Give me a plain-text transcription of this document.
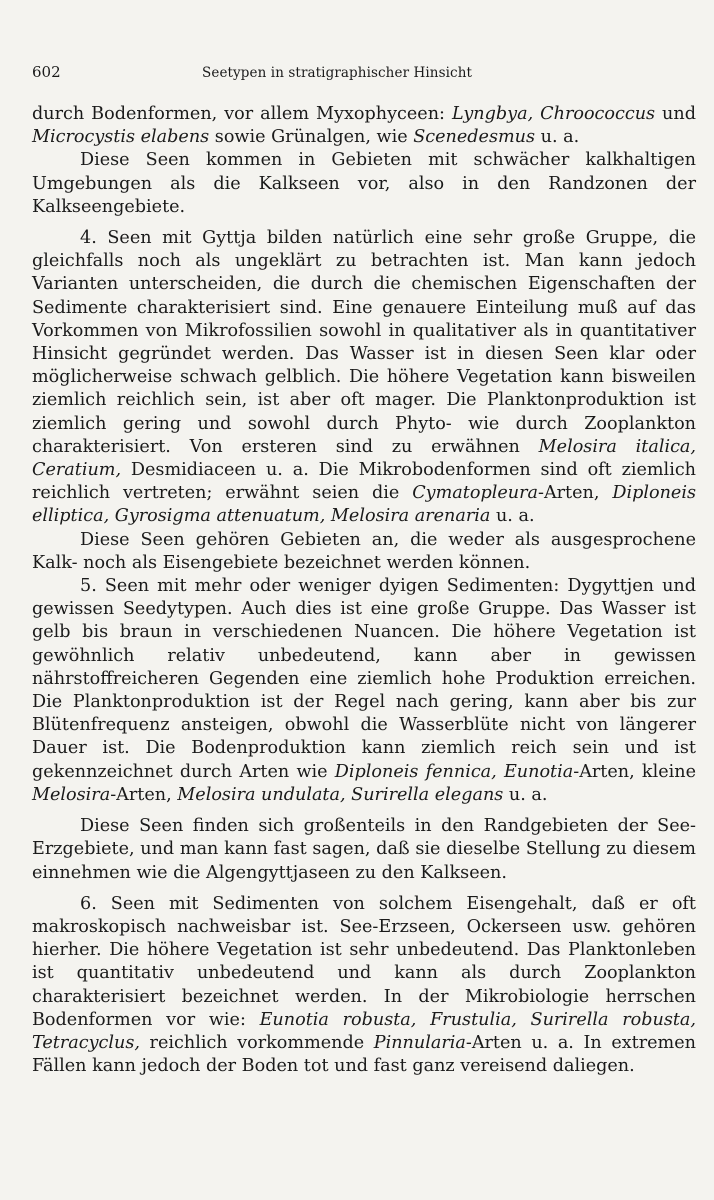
602	Seetypen in stratigraphischer Hinsicht

durch Bodenformen, vor allem Myxophyceen: Lyngbya, Chroococcus und Microcystis elabens sowie Grünalgen, wie Scenedesmus u. a.

Diese Seen kommen in Gebieten mit schwächer kalkhaltigen Umgebungen als die Kalkseen vor, also in den Randzonen der Kalkseengebiete.

4. Seen mit Gyttja bilden natürlich eine sehr große Gruppe, die gleichfalls noch als ungeklärt zu betrachten ist. Man kann jedoch Varianten unterscheiden, die durch die chemischen Eigenschaften der Sedimente charakterisiert sind. Eine genauere Einteilung muß auf das Vorkommen von Mikrofossilien sowohl in qualitativer als in quantitativer Hinsicht gegründet werden. Das Wasser ist in diesen Seen klar oder möglicherweise schwach gelblich. Die höhere Vegetation kann bisweilen ziemlich reichlich sein, ist aber oft mager. Die Planktonproduktion ist ziemlich gering und sowohl durch Phyto- wie durch Zooplankton charakterisiert. Von ersteren sind zu erwähnen Melosira italica, Ceratium, Desmidiaceen u. a. Die Mikrobodenformen sind oft ziemlich reichlich vertreten; erwähnt seien die Cymatopleura-Arten, Diploneis elliptica, Gyrosigma attenuatum, Melosira arenaria u. a.

Diese Seen gehören Gebieten an, die weder als ausgesprochene Kalk- noch als Eisengebiete bezeichnet werden können.

5. Seen mit mehr oder weniger dyigen Sedimenten: Dygyttjen und gewissen Seedytypen. Auch dies ist eine große Gruppe. Das Wasser ist gelb bis braun in verschiedenen Nuancen. Die höhere Vegetation ist gewöhnlich relativ unbedeutend, kann aber in gewissen nährstoffreicheren Gegenden eine ziemlich hohe Produktion erreichen. Die Planktonproduktion ist der Regel nach gering, kann aber bis zur Blütenfrequenz ansteigen, obwohl die Wasserblüte nicht von längerer Dauer ist. Die Bodenproduktion kann ziemlich reich sein und ist gekennzeichnet durch Arten wie Diploneis fennica, Eunotia-Arten, kleine Melosira-Arten, Melosira undulata, Surirella elegans u. a.

Diese Seen finden sich großenteils in den Randgebieten der See-Erzgebiete, und man kann fast sagen, daß sie dieselbe Stellung zu diesem einnehmen wie die Algengyttjaseen zu den Kalkseen.

6. Seen mit Sedimenten von solchem Eisengehalt, daß er oft makroskopisch nachweisbar ist. See-Erzseen, Ockerseen usw. gehören hierher. Die höhere Vegetation ist sehr unbedeutend. Das Planktonleben ist quantitativ unbedeutend und kann als durch Zooplankton charakterisiert bezeichnet werden. In der Mikrobiologie herrschen Bodenformen vor wie: Eunotia robusta, Frustulia, Surirella robusta, Tetracyclus, reichlich vorkommende Pinnularia-Arten u. a. In extremen Fällen kann jedoch der Boden tot und fast ganz vereisend daliegen.
